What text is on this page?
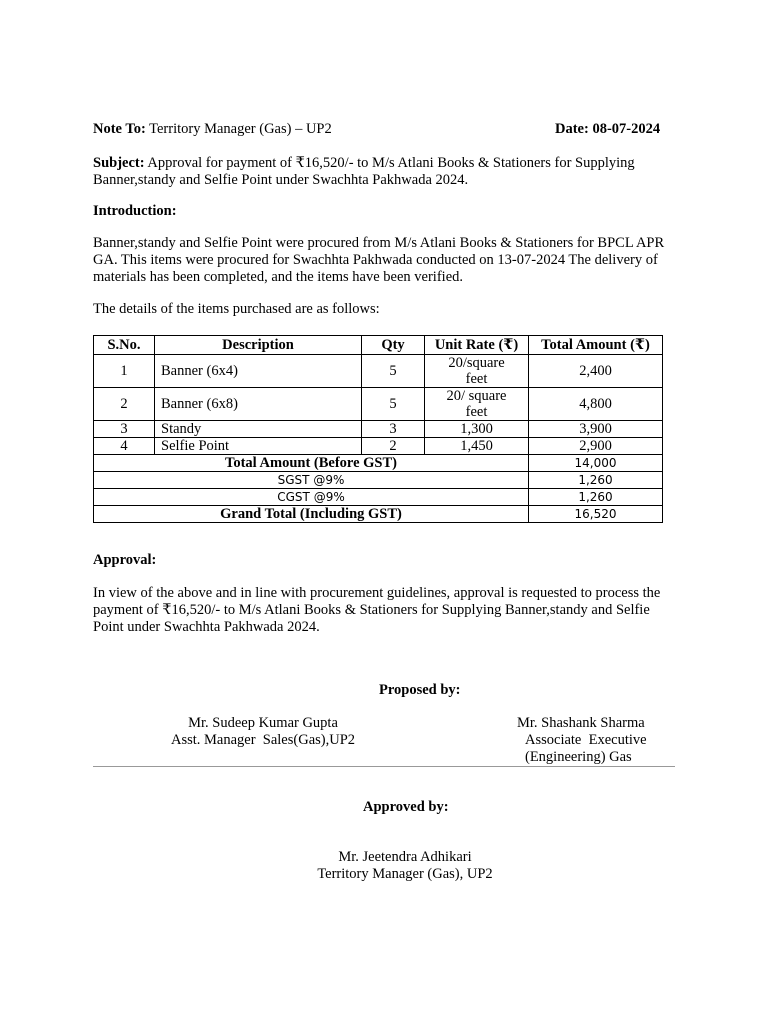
Note To: Territory Manager (Gas) – UP2	Date: 08-07-2024
Subject: Approval for payment of ₹16,520/- to M/s Atlani Books & Stationers for Supplying Banner,standy and Selfie Point under Swachhta Pakhwada 2024.
Introduction:
Banner,standy and Selfie Point were procured from M/s Atlani Books & Stationers for BPCL APR GA. This items were procured for Swachhta Pakhwada conducted on 13-07-2024 The delivery of materials has been completed, and the items have been verified.
The details of the items purchased are as follows:
S.No.	Description	Qty	Unit Rate (₹)	Total Amount (₹)
1	Banner (6x4)	5	20/square feet	2,400
2	Banner (6x8)	5	20/ square feet	4,800
3	Standy	3	1,300	3,900
4	Selfie Point	2	1,450	2,900
Total Amount (Before GST)				14,000
SGST @9%				1,260
CGST @9%				1,260
Grand Total (Including GST)				16,520
Approval:
In view of the above and in line with procurement guidelines, approval is requested to process the payment of ₹16,520/- to M/s Atlani Books & Stationers for Supplying Banner,standy and Selfie Point under Swachhta Pakhwada 2024.
Proposed by:
Mr. Sudeep Kumar Gupta
Asst. Manager  Sales(Gas),UP2
Mr. Shashank Sharma
Associate  Executive
(Engineering) Gas
Approved by:
Mr. Jeetendra Adhikari
Territory Manager (Gas), UP2
